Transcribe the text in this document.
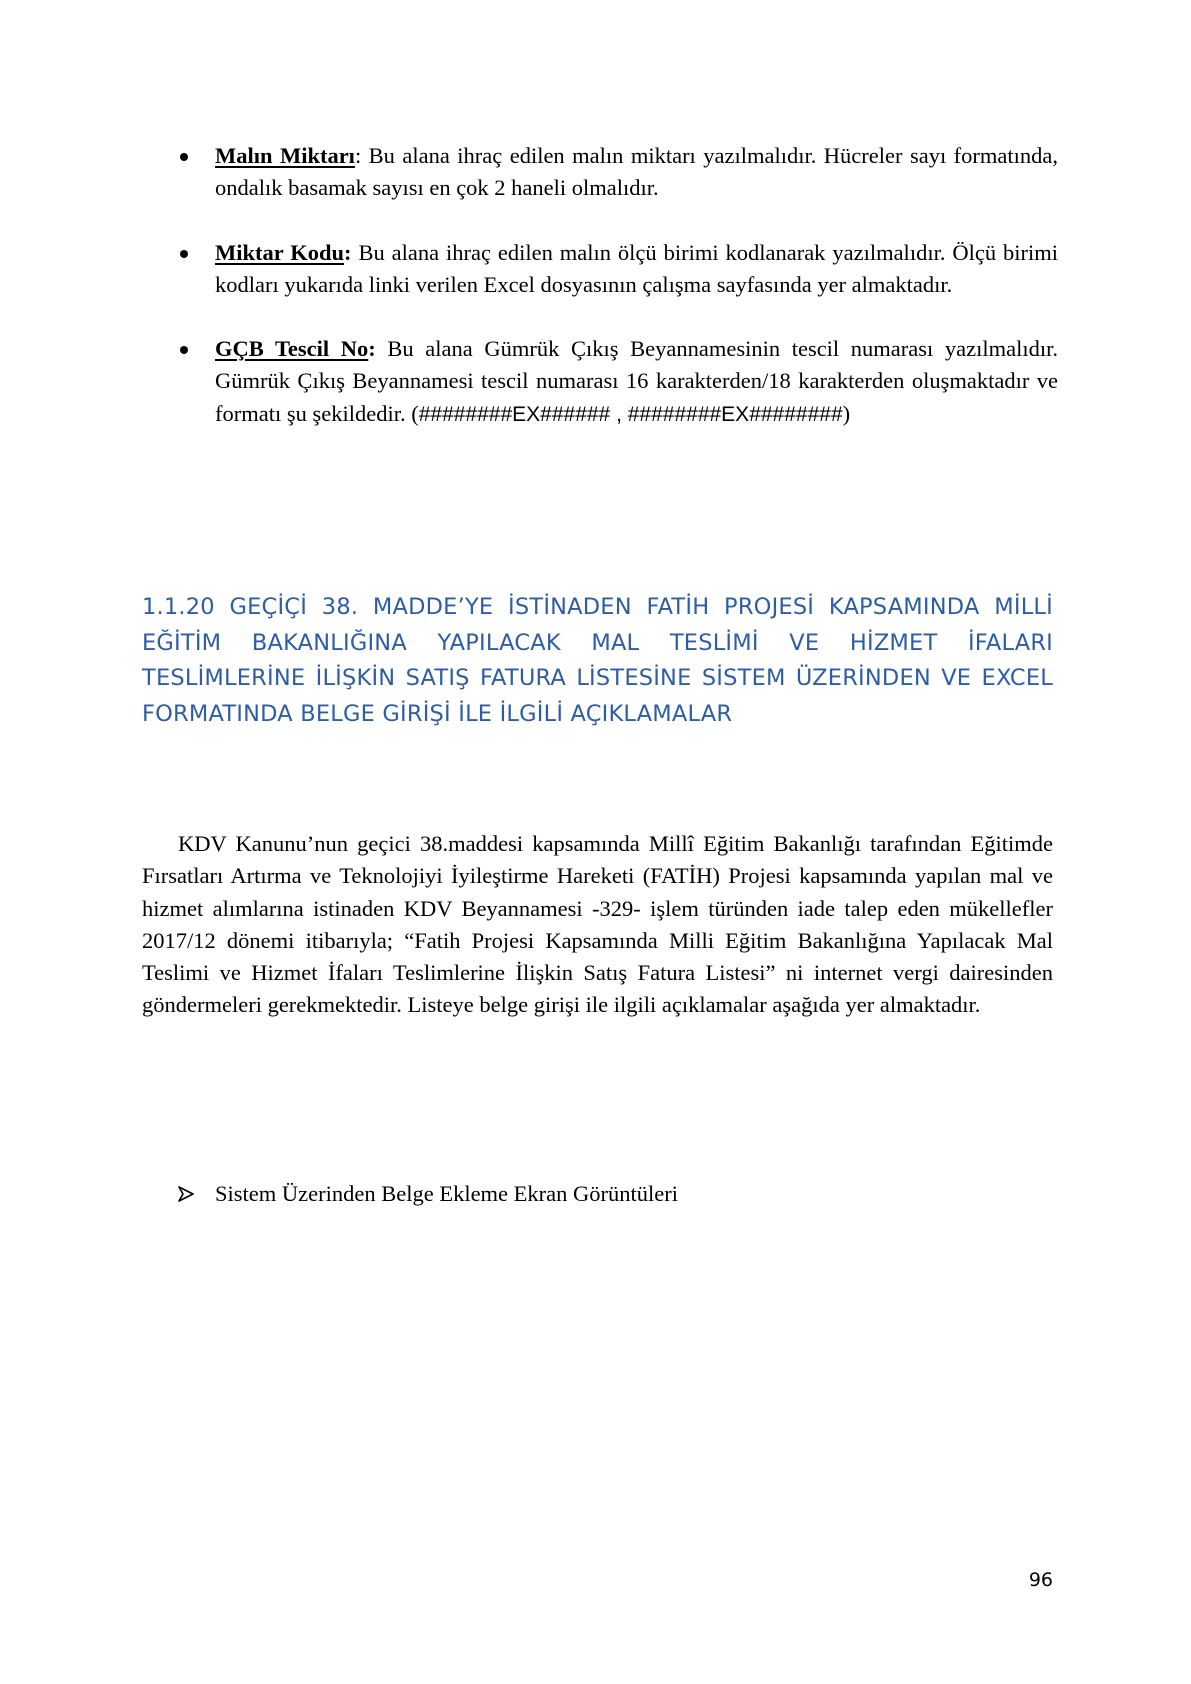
Malın Miktarı: Bu alana ihraç edilen malın miktarı yazılmalıdır. Hücreler sayı formatında, ondalık basamak sayısı en çok 2 haneli olmalıdır.
Miktar Kodu: Bu alana ihraç edilen malın ölçü birimi kodlanarak yazılmalıdır. Ölçü birimi kodları yukarıda linki verilen Excel dosyasının çalışma sayfasında yer almaktadır.
GÇB Tescil No: Bu alana Gümrük Çıkış Beyannamesinin tescil numarası yazılmalıdır. Gümrük Çıkış Beyannamesi tescil numarası 16 karakterden/18 karakterden oluşmaktadır ve formatı şu şekildedir. (########EX###### , ########EX########)
1.1.20 GEÇİÇİ 38. MADDE’YE İSTİNADEN FATİH PROJESİ KAPSAMINDA MİLLİ EĞİTİM BAKANLIĞINA YAPILACAK MAL TESLİMİ VE HİZMET İFALARI TESLİMLERİNE İLİŞKİN SATIŞ FATURA LİSTESİNE SİSTEM ÜZERİNDEN VE EXCEL FORMATINDA BELGE GİRİŞİ İLE İLGİLİ AÇIKLAMALAR

KDV Kanunu’nun geçici 38.maddesi kapsamında Millî Eğitim Bakanlığı tarafından Eğitimde Fırsatları Artırma ve Teknolojiyi İyileştirme Hareketi (FATİH) Projesi kapsamında yapılan mal ve hizmet alımlarına istinaden KDV Beyannamesi -329- işlem türünden iade talep eden mükellefler 2017/12 dönemi itibarıyla; “Fatih Projesi Kapsamında Milli Eğitim Bakanlığına Yapılacak Mal Teslimi ve Hizmet İfaları Teslimlerine İlişkin Satış Fatura Listesi” ni internet vergi dairesinden göndermeleri gerekmektedir. Listeye belge girişi ile ilgili açıklamalar aşağıda yer almaktadır.

Sistem Üzerinden Belge Ekleme Ekran Görüntüleri
96
